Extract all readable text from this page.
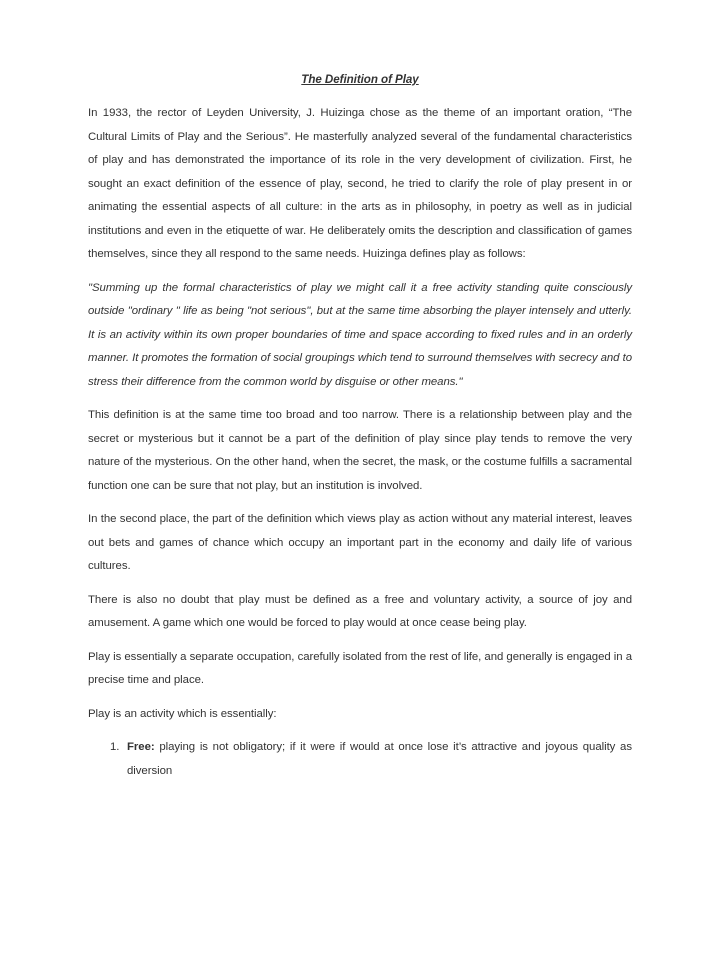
The Definition of Play

In 1933, the rector of Leyden University, J. Huizinga chose as the theme of an important oration, “The Cultural Limits of Play and the Serious”. He masterfully analyzed several of the fundamental characteristics of play and has demonstrated the importance of its role in the very development of civilization. First, he sought an exact definition of the essence of play, second, he tried to clarify the role of play present in or animating the essential aspects of all culture: in the arts as in philosophy, in poetry as well as in judicial institutions and even in the etiquette of war. He deliberately omits the description and classification of games themselves, since they all respond to the same needs. Huizinga defines play as follows:

"Summing up the formal characteristics of play we might call it a free activity standing quite consciously outside "ordinary " life as being "not serious", but at the same time absorbing the player intensely and utterly. It is an activity within its own proper boundaries of time and space according to fixed rules and in an orderly manner. It promotes the formation of social groupings which tend to surround themselves with secrecy and to stress their difference from the common world by disguise or other means."

This definition is at the same time too broad and too narrow. There is a relationship between play and the secret or mysterious but it cannot be a part of the definition of play since play tends to remove the very nature of the mysterious. On the other hand, when the secret, the mask, or the costume fulfills a sacramental function one can be sure that not play, but an institution is involved.

In the second place, the part of the definition which views play as action without any material interest, leaves out bets and games of chance which occupy an important part in the economy and daily life of various cultures.

There is also no doubt that play must be defined as a free and voluntary activity, a source of joy and amusement. A game which one would be forced to play would at once cease being play.

Play is essentially a separate occupation, carefully isolated from the rest of life, and generally is engaged in a precise time and place.

Play is an activity which is essentially:

1. Free: playing is not obligatory; if it were if would at once lose it’s attractive and joyous quality as diversion
